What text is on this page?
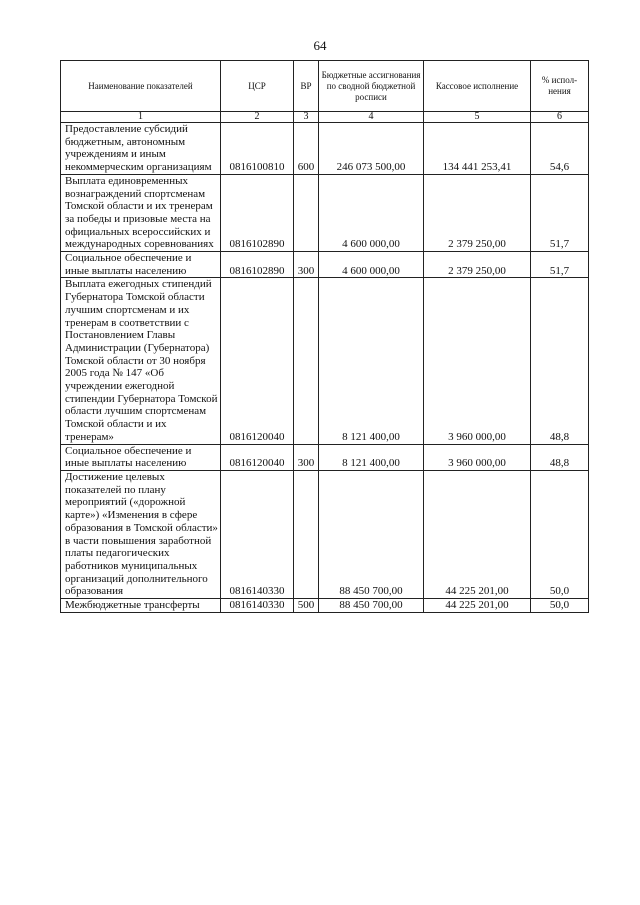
64
Наименование показателей	ЦСР	ВР	Бюджетные ассигнования по сводной бюджетной росписи	Кассовое исполнение	% испол-нения
1	2	3	4	5	6
Предоставление субсидий бюджетным, автономным учреждениям и иным некоммерческим организациям	0816100810	600	246 073 500,00	134 441 253,41	54,6
Выплата единовременных вознаграждений спортсменам Томской области и их тренерам за победы и призовые места на официальных всероссийских и международных соревнованиях	0816102890		4 600 000,00	2 379 250,00	51,7
Социальное обеспечение и иные выплаты населению	0816102890	300	4 600 000,00	2 379 250,00	51,7
Выплата ежегодных стипендий Губернатора Томской области лучшим спортсменам и их тренерам в соответствии с Постановлением Главы Администрации (Губернатора) Томской области от 30 ноября 2005 года № 147 «Об учреждении ежегодной стипендии Губернатора Томской области лучшим спортсменам Томской области и их тренерам»	0816120040		8 121 400,00	3 960 000,00	48,8
Социальное обеспечение и иные выплаты населению	0816120040	300	8 121 400,00	3 960 000,00	48,8
Достижение целевых показателей по плану мероприятий («дорожной карте») «Изменения в сфере образования в Томской области» в части повышения заработной платы педагогических работников муниципальных организаций дополнительного образования	0816140330		88 450 700,00	44 225 201,00	50,0
Межбюджетные трансферты	0816140330	500	88 450 700,00	44 225 201,00	50,0
